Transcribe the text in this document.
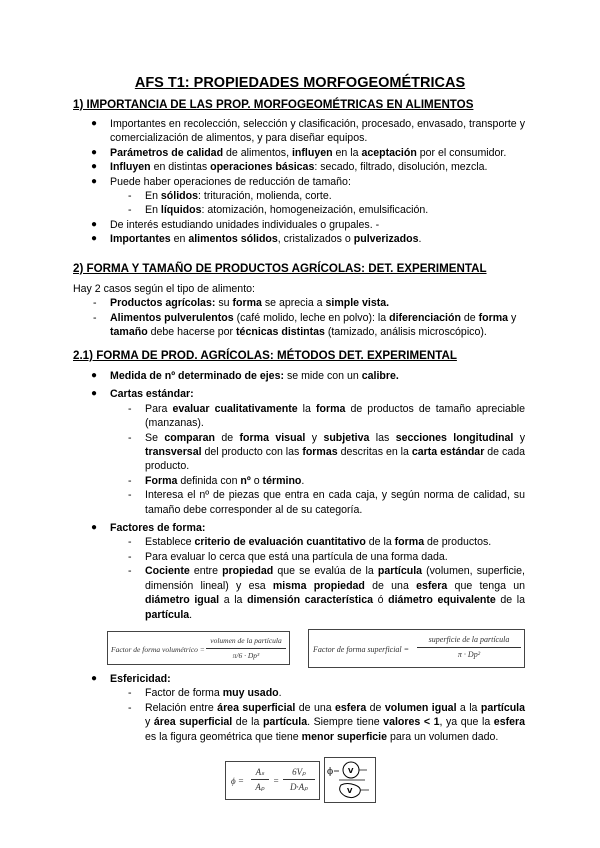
AFS T1: PROPIEDADES MORFOGEOMÉTRICAS
1) IMPORTANCIA DE LAS PROP. MORFOGEOMÉTRICAS EN ALIMENTOS
● Importantes en recolección, selección y clasificación, procesado, envasado, transporte y comercialización de alimentos, y para diseñar equipos.
● Parámetros de calidad de alimentos, influyen en la aceptación por el consumidor.
● Influyen en distintas operaciones básicas: secado, filtrado, disolución, mezcla.
● Puede haber operaciones de reducción de tamaño:
- En sólidos: trituración, molienda, corte.
- En líquidos: atomización, homogeneización, emulsificación.
● De interés estudiando unidades individuales o grupales. -
● Importantes en alimentos sólidos, cristalizados o pulverizados.
2) FORMA Y TAMAÑO DE PRODUCTOS AGRÍCOLAS: DET. EXPERIMENTAL
Hay 2 casos según el tipo de alimento:
- Productos agrícolas: su forma se aprecia a simple vista.
- Alimentos pulverulentos (café molido, leche en polvo): la diferenciación de forma y tamaño debe hacerse por técnicas distintas (tamizado, análisis microscópico).
2.1) FORMA DE PROD. AGRÍCOLAS: MÉTODOS DET. EXPERIMENTAL
● Medida de nº determinado de ejes: se mide con un calibre.
● Cartas estándar:
- Para evaluar cualitativamente la forma de productos de tamaño apreciable (manzanas).
- Se comparan de forma visual y subjetiva las secciones longitudinal y transversal del producto con las formas descritas en la carta estándar de cada producto.
- Forma definida con nº o término.
- Interesa el nº de piezas que entra en cada caja, y según norma de calidad, su tamaño debe corresponder al de su categoría.
● Factores de forma:
- Establece criterio de evaluación cuantitativo de la forma de productos.
- Para evaluar lo cerca que está una partícula de una forma dada.
- Cociente entre propiedad que se evalúa de la partícula (volumen, superficie, dimensión lineal) y esa misma propiedad de una esfera que tenga un diámetro igual a la dimensión característica ó diámetro equivalente de la partícula.
Factor de forma volumétrico =
volumen de la partícula
π/6 · Dp³
Factor de forma superficial =
superficie de la partícula
π · Dp²
● Esfericidad:
- Factor de forma muy usado.
- Relación entre área superficial de una esfera de volumen igual a la partícula y área superficial de la partícula. Siempre tiene valores < 1, ya que la esfera es la figura geométrica que tiene menor superficie para un volumen dado.
$\phi = \frac{\text{Aₛ}}{\text{Aₚ}} = \frac{\text{6Vₚ}}{\text{D·Aₚ}}$ ϕ V
V
